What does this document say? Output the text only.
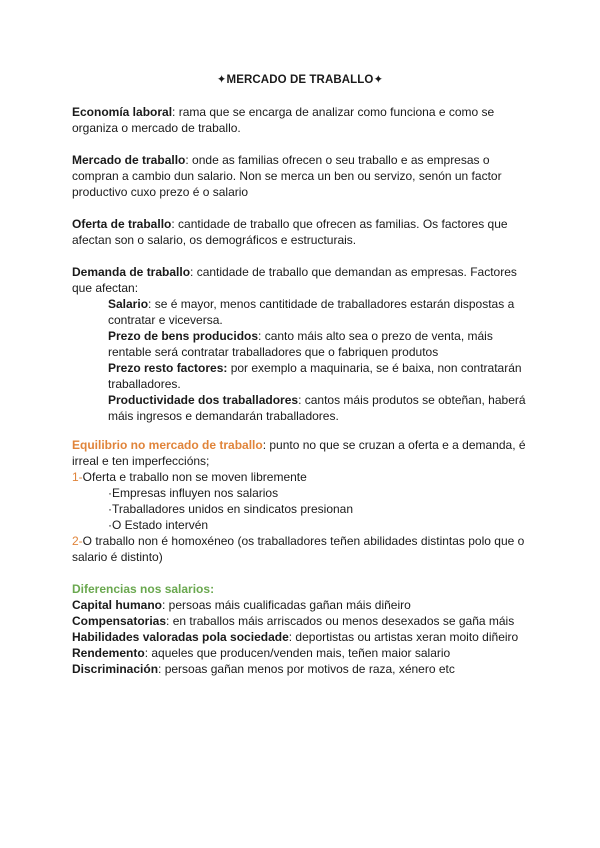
✦MERCADO DE TRABALLO✦

Economía laboral: rama que se encarga de analizar como funciona e como se organiza o mercado de traballo.

Mercado de traballo: onde as familias ofrecen o seu traballo e as empresas o compran a cambio dun salario. Non se merca un ben ou servizo, senón un factor productivo cuxo prezo é o salario

Oferta de traballo: cantidade de traballo que ofrecen as familias. Os factores que afectan son o salario, os demográficos e estructurais.

Demanda de traballo: cantidade de traballo que demandan as empresas. Factores que afectan:

Salario: se é mayor, menos cantitidade de traballadores estarán dispostas a contratar e viceversa.

Prezo de bens producidos: canto máis alto sea o prezo de venta, máis rentable será contratar traballadores que o fabriquen produtos

Prezo resto factores: por exemplo a maquinaria, se é baixa, non contratarán traballadores.

Productividade dos traballadores: cantos máis produtos se obteñan, haberá máis ingresos e demandarán traballadores.

Equilibrio no mercado de traballo: punto no que se cruzan a oferta e a demanda, é irreal e ten imperfeccións;

1-Oferta e traballo non se moven libremente

·Empresas influyen nos salarios

·Traballadores unidos en sindicatos presionan

·O Estado intervén

2-O traballo non é homoxéneo (os traballadores teñen abilidades distintas polo que o salario é distinto)

Diferencias nos salarios:

Capital humano: persoas máis cualificadas gañan máis diñeiro

Compensatorias: en traballos máis arriscados ou menos desexados se gaña máis

Habilidades valoradas pola sociedade: deportistas ou artistas xeran moito diñeiro

Rendemento: aqueles que producen/venden mais, teñen maior salario

Discriminación: persoas gañan menos por motivos de raza, xénero etc
